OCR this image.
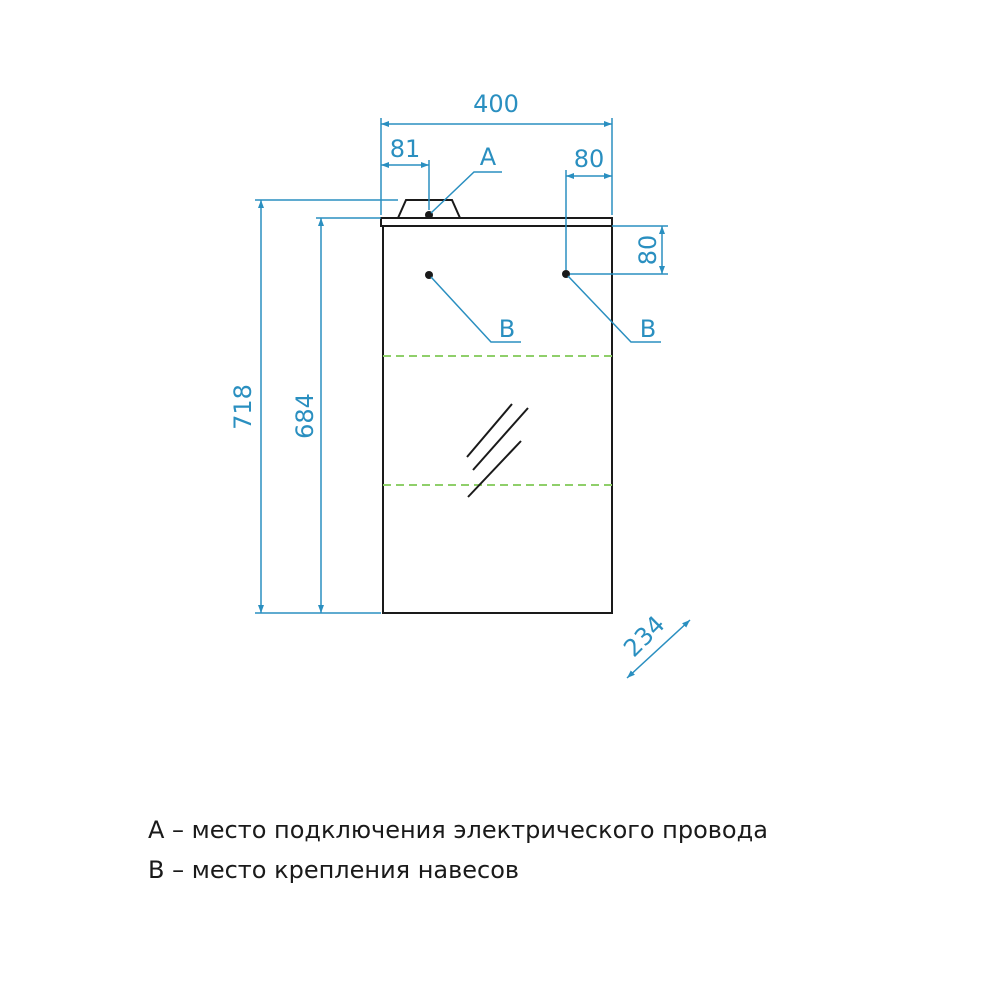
400
81	80
80
718 684
234
A
B	B
A – место подключения электрического провода
B – место крепления навесов
